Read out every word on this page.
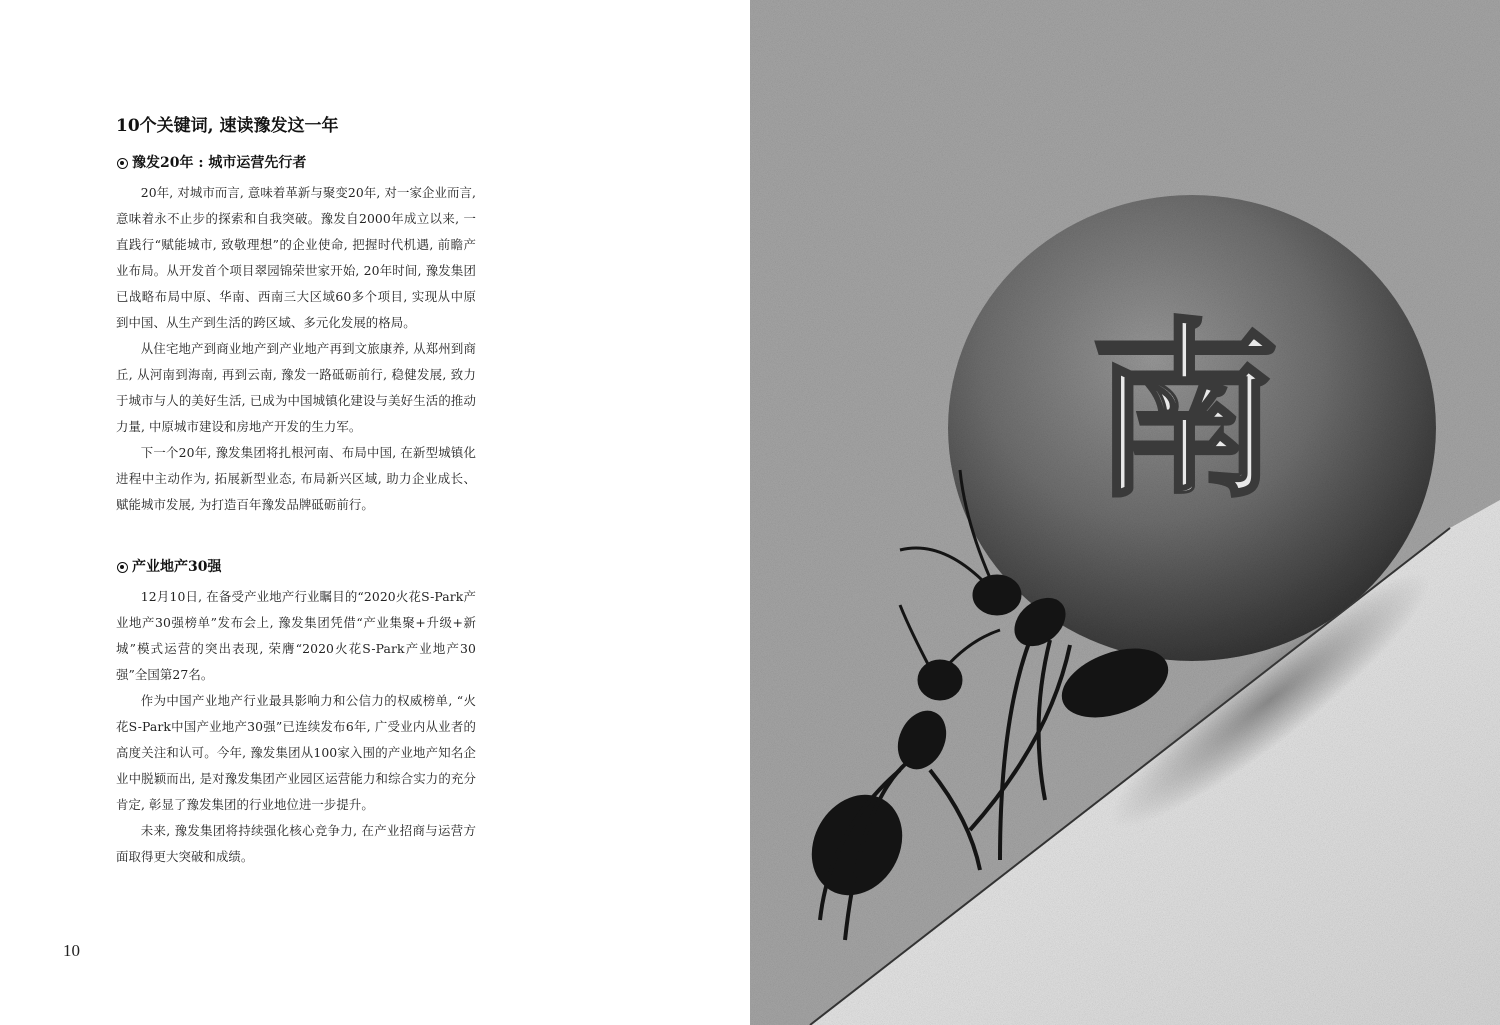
10个关键词, 速读豫发这一年
豫发20年 : 城市运营先行者

20年, 对城市而言, 意味着革新与聚变20年, 对一家企业而言, 意味着永不止步的探索和自我突破。豫发自2000年成立以来, 一直践行“赋能城市, 致敬理想”的企业使命, 把握时代机遇, 前瞻产业布局。从开发首个项目翠园锦荣世家开始, 20年时间, 豫发集团已战略布局中原、华南、西南三大区域60多个项目, 实现从中原到中国、从生产到生活的跨区域、多元化发展的格局。

从住宅地产到商业地产到产业地产再到文旅康养, 从郑州到商丘, 从河南到海南, 再到云南, 豫发一路砥砺前行, 稳健发展, 致力于城市与人的美好生活, 已成为中国城镇化建设与美好生活的推动力量, 中原城市建设和房地产开发的生力军。

下一个20年, 豫发集团将扎根河南、布局中国, 在新型城镇化进程中主动作为, 拓展新型业态, 布局新兴区域, 助力企业成长、赋能城市发展, 为打造百年豫发品牌砥砺前行。

产业地产30强

12月10日, 在备受产业地产行业瞩目的“2020火花S-Park产业地产30强榜单”发布会上, 豫发集团凭借“产业集聚+升级+新城”模式运营的突出表现, 荣膺“2020火花S-Park产业地产30强”全国第27名。

作为中国产业地产行业最具影响力和公信力的权威榜单, “火花S-Park中国产业地产30强”已连续发布6年, 广受业内从业者的高度关注和认可。今年, 豫发集团从100家入围的产业地产知名企业中脱颖而出, 是对豫发集团产业园区运营能力和综合实力的充分肯定, 彰显了豫发集团的行业地位进一步提升。

未来, 豫发集团将持续强化核心竞争力, 在产业招商与运营方面取得更大突破和成绩。

10
南
